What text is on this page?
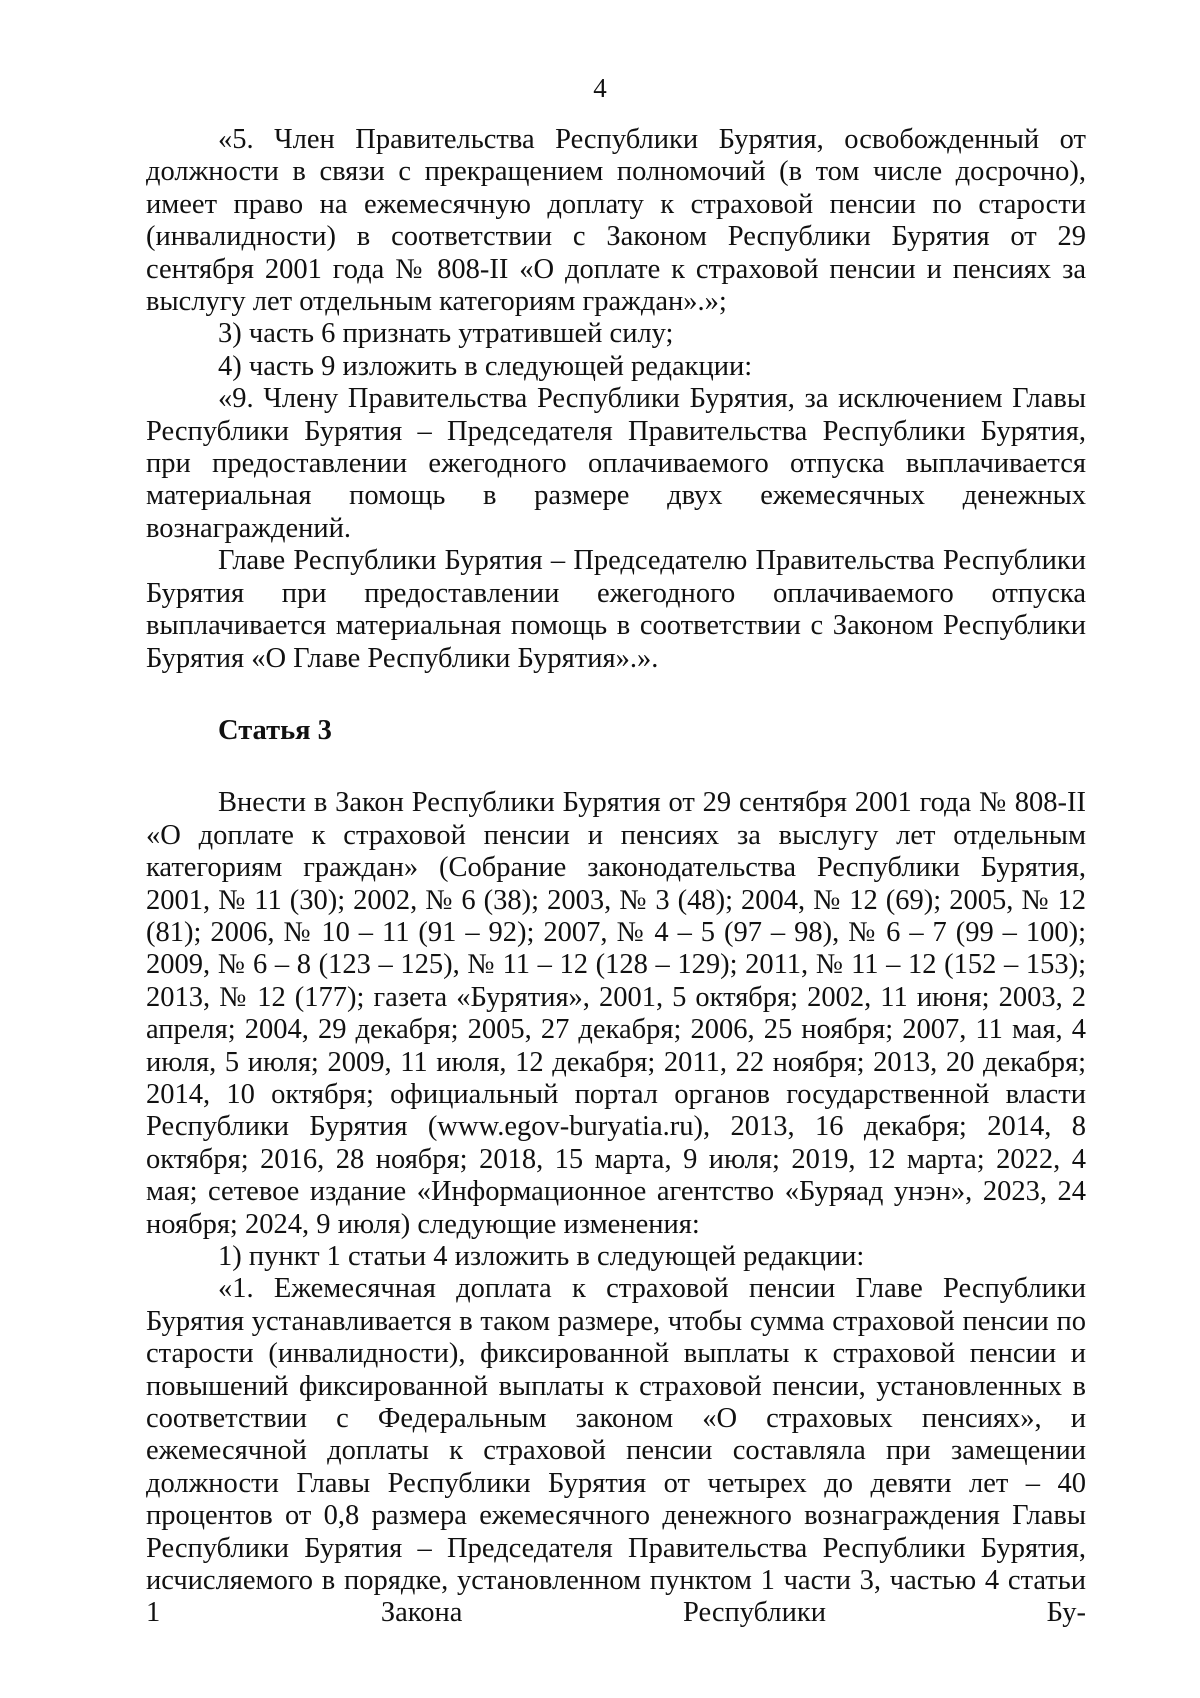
4

«5. Член Правительства Республики Бурятия, освобожденный от должности в связи с прекращением полномочий (в том числе досрочно), имеет право на ежемесячную доплату к страховой пенсии по старости (инвалидности) в соответствии с Законом Республики Бурятия от 29 сентября 2001 года № 808-II «О доплате к страховой пенсии и пенсиях за выслугу лет отдельным категориям граждан».»;

3) часть 6 признать утратившей силу;

4) часть 9 изложить в следующей редакции:

«9. Члену Правительства Республики Бурятия, за исключением Главы Республики Бурятия – Председателя Правительства Республики Бурятия, при предоставлении ежегодного оплачиваемого отпуска выплачивается материальная помощь в размере двух ежемесячных денежных вознаграждений.

Главе Республики Бурятия – Председателю Правительства Республики Бурятия при предоставлении ежегодного оплачиваемого отпуска выплачивается материальная помощь в соответствии с Законом Республики Бурятия «О Главе Республики Бурятия».».

Статья 3

Внести в Закон Республики Бурятия от 29 сентября 2001 года № 808-II «О доплате к страховой пенсии и пенсиях за выслугу лет отдельным категориям граждан» (Собрание законодательства Республики Бурятия, 2001, № 11 (30); 2002, № 6 (38); 2003, № 3 (48); 2004, № 12 (69); 2005, № 12 (81); 2006, № 10 – 11 (91 – 92); 2007, № 4 – 5 (97 – 98), № 6 – 7 (99 – 100); 2009, № 6 – 8 (123 – 125), № 11 – 12 (128 – 129); 2011, № 11 – 12 (152 – 153); 2013, № 12 (177); газета «Бурятия», 2001, 5 октября; 2002, 11 июня; 2003, 2 апреля; 2004, 29 декабря; 2005, 27 декабря; 2006, 25 ноября; 2007, 11 мая, 4 июля, 5 июля; 2009, 11 июля, 12 декабря; 2011, 22 ноября; 2013, 20 декабря; 2014, 10 октября; официальный портал органов государственной власти Республики Бурятия (www.egov-buryatia.ru), 2013, 16 декабря; 2014, 8 октября; 2016, 28 ноября; 2018, 15 марта, 9 июля; 2019, 12 марта; 2022, 4 мая; сетевое издание «Информационное агентство «Буряад унэн», 2023, 24 ноября; 2024, 9 июля) следующие изменения:

1) пункт 1 статьи 4 изложить в следующей редакции:

«1. Ежемесячная доплата к страховой пенсии Главе Республики Бурятия устанавливается в таком размере, чтобы сумма страховой пенсии по старости (инвалидности), фиксированной выплаты к страховой пенсии и повышений фиксированной выплаты к страховой пенсии, установленных в соответствии с Федеральным законом «О страховых пенсиях», и ежемесячной доплаты к страховой пенсии составляла при замещении должности Главы Республики Бурятия от четырех до девяти лет – 40 процентов от 0,8 размера ежемесячного денежного вознаграждения Главы Республики Бурятия – Председателя Правительства Республики Бурятия, исчисляемого в порядке, установленном пунктом 1 части 3, частью 4 статьи 1 Закона Республики Бу-
